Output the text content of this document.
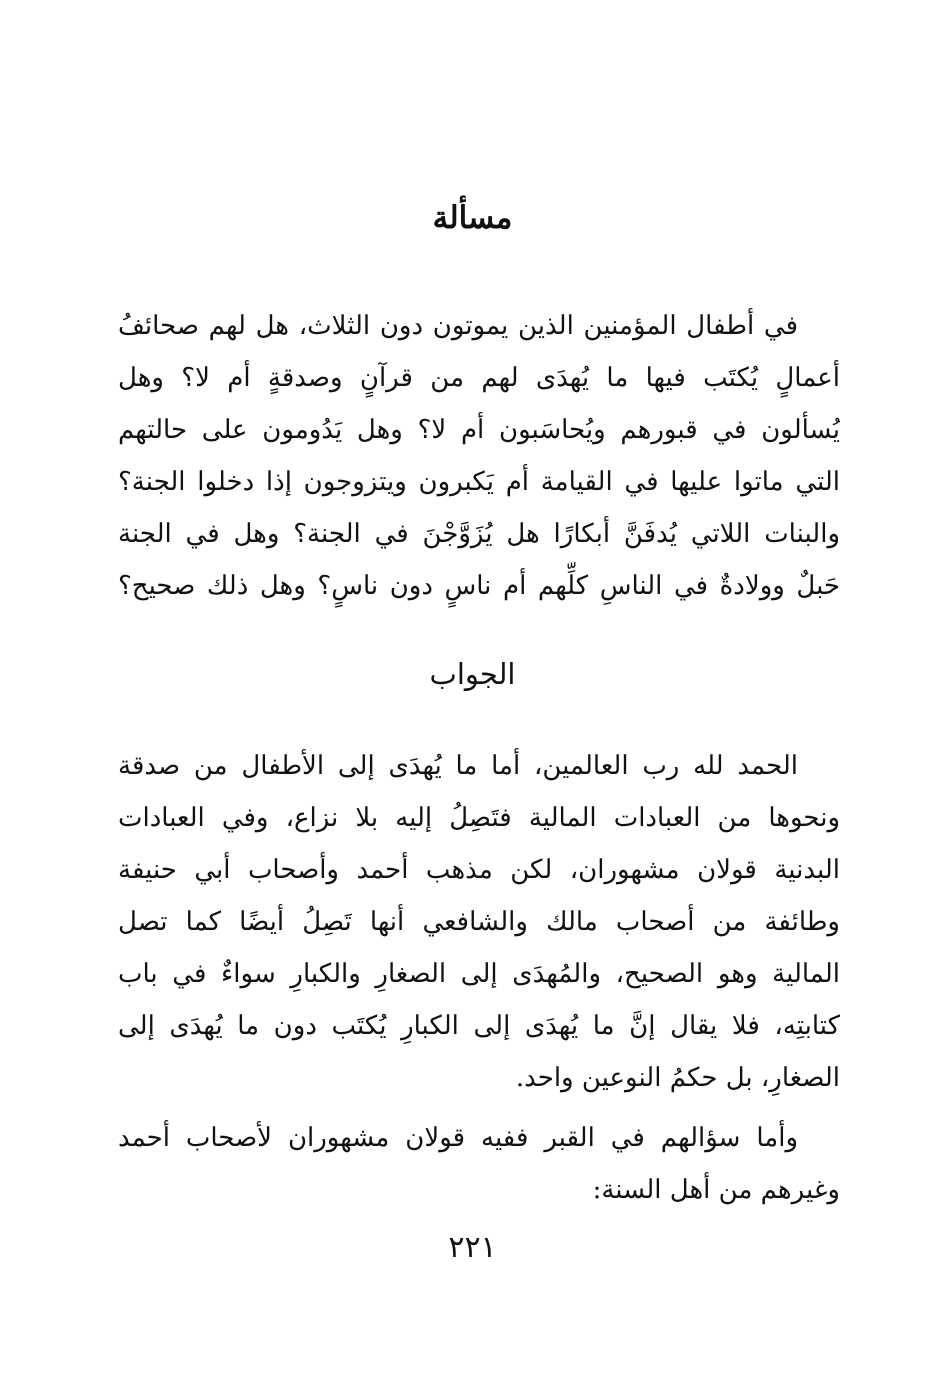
مسألة
في أطفال المؤمنين الذين يموتون دون الثلاث، هل لهم صحائفُ
أعمالٍ يُكتَب فيها ما يُهدَى لهم من قرآنٍ وصدقةٍ أم لا؟ وهل
يُسألون في قبورهم ويُحاسَبون أم لا؟ وهل يَدُومون على حالتهم
التي ماتوا عليها في القيامة أم يَكبرون ويتزوجون إذا دخلوا الجنة؟
والبنات اللاتي يُدفَنَّ أبكارًا هل يُزَوَّجْنَ في الجنة؟ وهل في الجنة
حَبلٌ وولادةٌ في الناسِ كلِّهم أم ناسٍ دون ناسٍ؟ وهل ذلك صحيح؟
الجواب
الحمد لله رب العالمين، أما ما يُهدَى إلى الأطفال من صدقة
ونحوها من العبادات المالية فتَصِلُ إليه بلا نزاع، وفي العبادات
البدنية قولان مشهوران، لكن مذهب أحمد وأصحاب أبي حنيفة
وطائفة من أصحاب مالك والشافعي أنها تَصِلُ أيضًا كما تصل
المالية وهو الصحيح، والمُهدَى إلى الصغارِ والكبارِ سواءٌ في باب
كتابتِه، فلا يقال إنَّ ما يُهدَى إلى الكبارِ يُكتَب دون ما يُهدَى إلى
الصغارِ، بل حكمُ النوعين واحد.
وأما سؤالهم في القبر ففيه قولان مشهوران لأصحاب أحمد
وغيرهم من أهل السنة:
٢٢١
